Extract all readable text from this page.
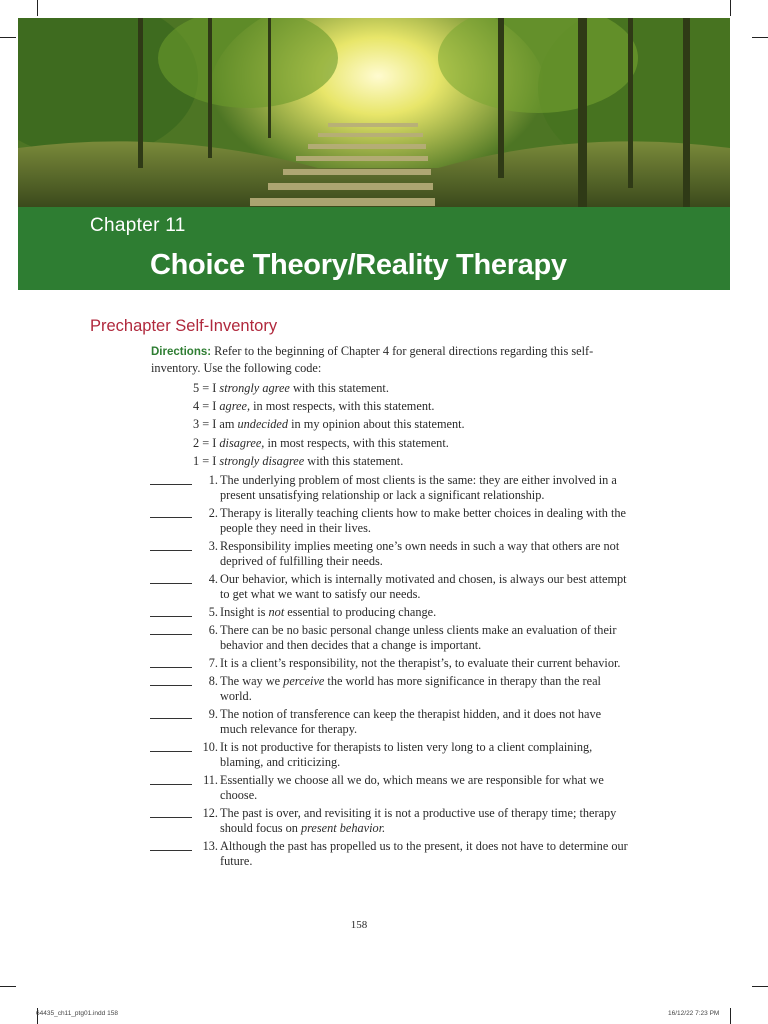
Chapter 11
Choice Theory/Reality Therapy
Prechapter Self-Inventory
Directions: Refer to the beginning of Chapter 4 for general directions regarding this self-inventory. Use the following code:
5 = I strongly agree with this statement.
4 = I agree, in most respects, with this statement.
3 = I am undecided in my opinion about this statement.
2 = I disagree, in most respects, with this statement.
1 = I strongly disagree with this statement.
1. The underlying problem of most clients is the same: they are either involved in a present unsatisfying relationship or lack a significant relationship.
2. Therapy is literally teaching clients how to make better choices in dealing with the people they need in their lives.
3. Responsibility implies meeting one’s own needs in such a way that others are not deprived of fulfilling their needs.
4. Our behavior, which is internally motivated and chosen, is always our best attempt to get what we want to satisfy our needs.
5. Insight is not essential to producing change.
6. There can be no basic personal change unless clients make an evaluation of their behavior and then decides that a change is important.
7. It is a client’s responsibility, not the therapist’s, to evaluate their current behavior.
8. The way we perceive the world has more significance in therapy than the real world.
9. The notion of transference can keep the therapist hidden, and it does not have much relevance for therapy.
10. It is not productive for therapists to listen very long to a client complaining, blaming, and criticizing.
11. Essentially we choose all we do, which means we are responsible for what we choose.
12. The past is over, and revisiting it is not a productive use of therapy time; therapy should focus on present behavior.
13. Although the past has propelled us to the present, it does not have to determine our future.
158
64435_ch11_ptg01.indd 158	16/12/22 7:23 PM
